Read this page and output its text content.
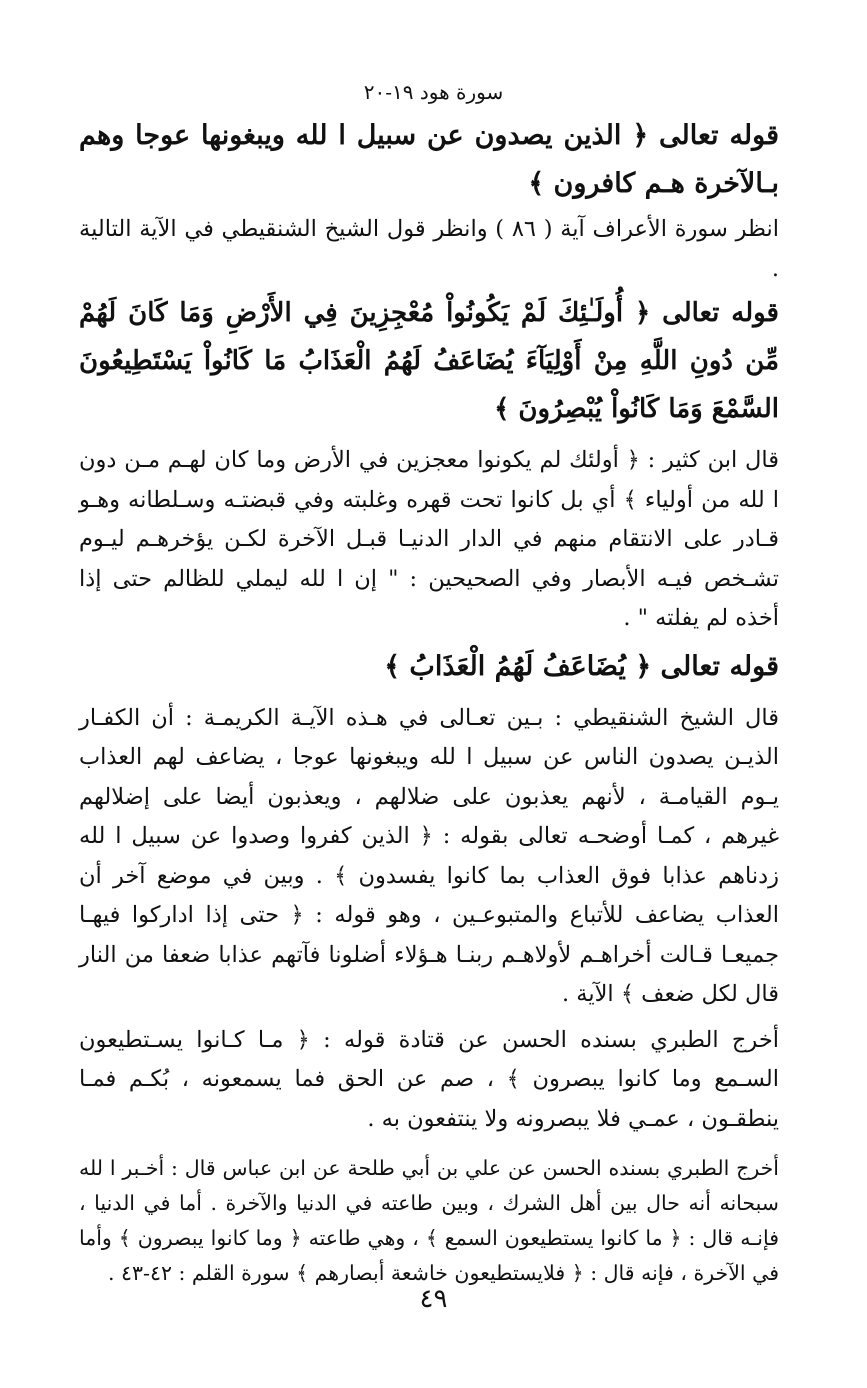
سورة هود ١٩-٢٠

قوله تعالى ﴿ الذين يصدون عن سبيل ا لله ويبغونها عوجا وهم بـالآخرة هـم كافرون ﴾

انظر سورة الأعراف آية ( ٨٦ ) وانظر قول الشيخ الشنقيطي في الآية التالية .

قوله تعالى ﴿ أُولَـٰئِكَ لَمْ يَكُونُواْ مُعْجِزِينَ فِي الأَرْضِ وَمَا كَانَ لَهُمْ مِّن دُونِ اللَّهِ مِنْ أَوْلِيَآءَ يُضَاعَفُ لَهُمُ الْعَذَابُ مَا كَانُواْ يَسْتَطِيعُونَ السَّمْعَ وَمَا كَانُواْ يُبْصِرُونَ ﴾

قال ابن كثير : ﴿ أولئك لم يكونوا معجزين في الأرض وما كان لهـم مـن دون ا لله من أولياء ﴾ أي بل كانوا تحت قهره وغلبته وفي قبضتـه وسـلطانه وهـو قـادر على الانتقام منهم في الدار الدنيـا قبـل الآخرة لكـن يؤخرهـم ليـوم تشـخص فيـه الأبصار وفي الصحيحين : " إن ا لله ليملي للظالم حتى إذا أخذه لم يفلته " .

قوله تعالى ﴿ يُضَاعَفُ لَهُمُ الْعَذَابُ ﴾

قال الشيخ الشنقيطي : بـين تعـالى في هـذه الآيـة الكريمـة : أن الكفـار الذيـن يصدون الناس عن سبيل ا لله ويبغونها عوجا ، يضاعف لهم العذاب يـوم القيامـة ، لأنهم يعذبون على ضلالهم ، ويعذبون أيضا على إضلالهم غيرهم ، كمـا أوضحـه تعالى بقوله : ﴿ الذين كفروا وصدوا عن سبيل ا لله زدناهم عذابا فوق العذاب بما كانوا يفسدون ﴾ . وبين في موضع آخر أن العذاب يضاعف للأتباع والمتبوعـين ، وهو قوله : ﴿ حتى إذا اداركوا فيهـا جميعـا قـالت أخراهـم لأولاهـم ربنـا هـؤلاء أضلونا فآتهم عذابا ضعفا من النار قال لكل ضعف ﴾ الآية .

أخرج الطبري بسنده الحسن عن قتادة قوله : ﴿ مـا كـانوا يسـتطيعون السـمع وما كانوا يبصرون ﴾ ، صم عن الحق فما يسمعونه ، بُكـم فمـا ينطقـون ، عمـي فلا يبصرونه ولا ينتفعون به .

أخرج الطبري بسنده الحسن عن علي بن أبي طلحة عن ابن عباس قال : أخـبر ا لله سبحانه أنه حال بين أهل الشرك ، وبين طاعته في الدنيا والآخرة . أما في الدنيا ، فإنـه قال : ﴿ ما كانوا يستطيعون السمع ﴾ ، وهي طاعته ﴿ وما كانوا يبصرون ﴾ وأما في الآخرة ، فإنه قال : ﴿ فلايستطيعون خاشعة أبصارهم ﴾ سورة القلم : ٤٢-٤٣ .

٤٩
